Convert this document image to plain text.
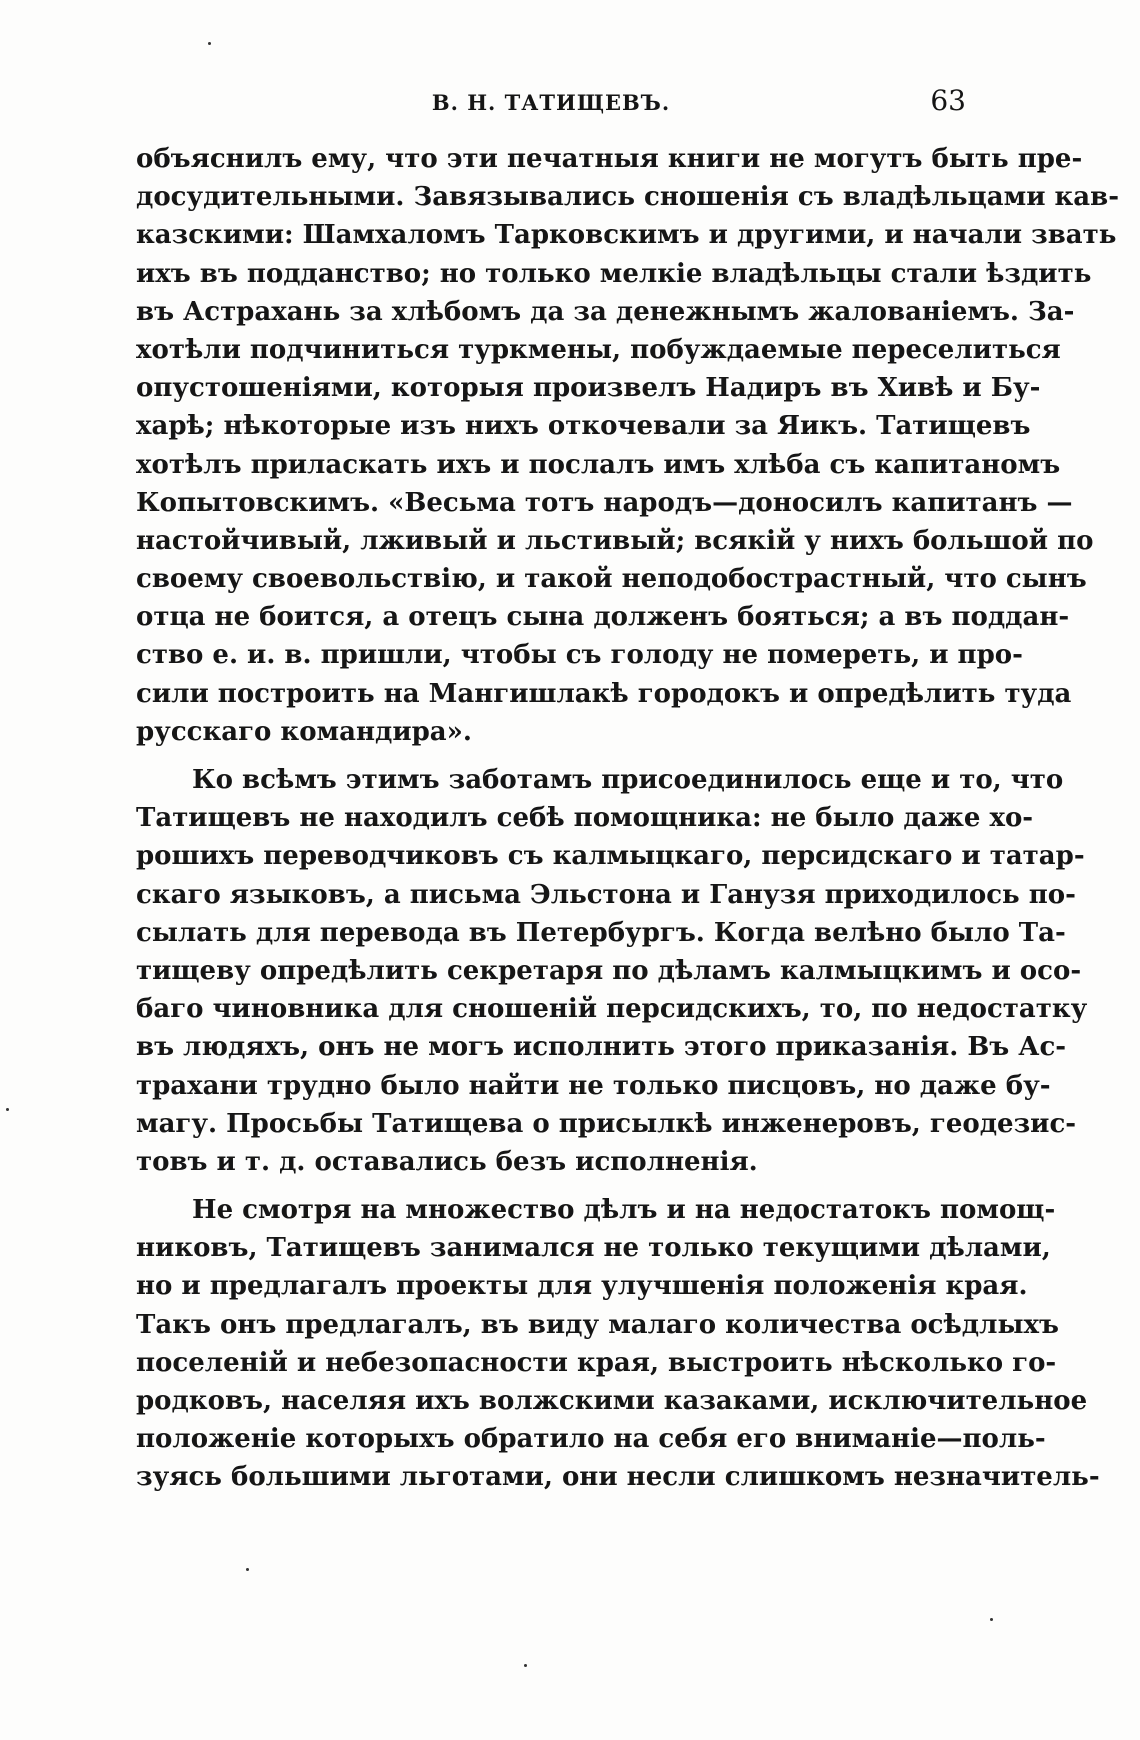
В. Н. ТАТИЩЕВЪ.	63
объяснилъ ему, что эти печатныя книги не могутъ быть пре-
досудительными. Завязывались сношенія съ владѣльцами кав-
казскими: Шамхаломъ Тарковскимъ и другими, и начали звать
ихъ въ подданство; но только мелкіе владѣльцы стали ѣздить
въ Астрахань за хлѣбомъ да за денежнымъ жалованіемъ. За-
хотѣли подчиниться туркмены, побуждаемые переселиться
опустошеніями, которыя произвелъ Надиръ въ Хивѣ и Бу-
харѣ; нѣкоторые изъ нихъ откочевали за Яикъ. Татищевъ
хотѣлъ приласкать ихъ и послалъ имъ хлѣба съ капитаномъ
Копытовскимъ. «Весьма тотъ народъ—доносилъ капитанъ —
настойчивый, лживый и льстивый; всякій у нихъ большой по
своему своевольствію, и такой неподобострастный, что сынъ
отца не боится, а отецъ сына долженъ бояться; а въ поддан-
ство е. и. в. пришли, чтобы съ голоду не помереть, и про-
сили построить на Мангишлакѣ городокъ и опредѣлить туда
русскаго командира».
Ко всѣмъ этимъ заботамъ присоединилось еще и то, что
Татищевъ не находилъ себѣ помощника: не было даже хо-
рошихъ переводчиковъ съ калмыцкаго, персидскаго и татар-
скаго языковъ, а письма Эльстона и Ганузя приходилось по-
сылать для перевода въ Петербургъ. Когда велѣно было Та-
тищеву опредѣлить секретаря по дѣламъ калмыцкимъ и осо-
баго чиновника для сношеній персидскихъ, то, по недостатку
въ людяхъ, онъ не могъ исполнить этого приказанія. Въ Ас-
трахани трудно было найти не только писцовъ, но даже бу-
магу. Просьбы Татищева о присылкѣ инженеровъ, геодезис-
товъ и т. д. оставались безъ исполненія.
Не смотря на множество дѣлъ и на недостатокъ помощ-
никовъ, Татищевъ занимался не только текущими дѣлами,
но и предлагалъ проекты для улучшенія положенія края.
Такъ онъ предлагалъ, въ виду малаго количества осѣдлыхъ
поселеній и небезопасности края, выстроить нѣсколько го-
родковъ, населяя ихъ волжскими казаками, исключительное
положеніе которыхъ обратило на себя его вниманіе—поль-
зуясь большими льготами, они несли слишкомъ незначитель-
